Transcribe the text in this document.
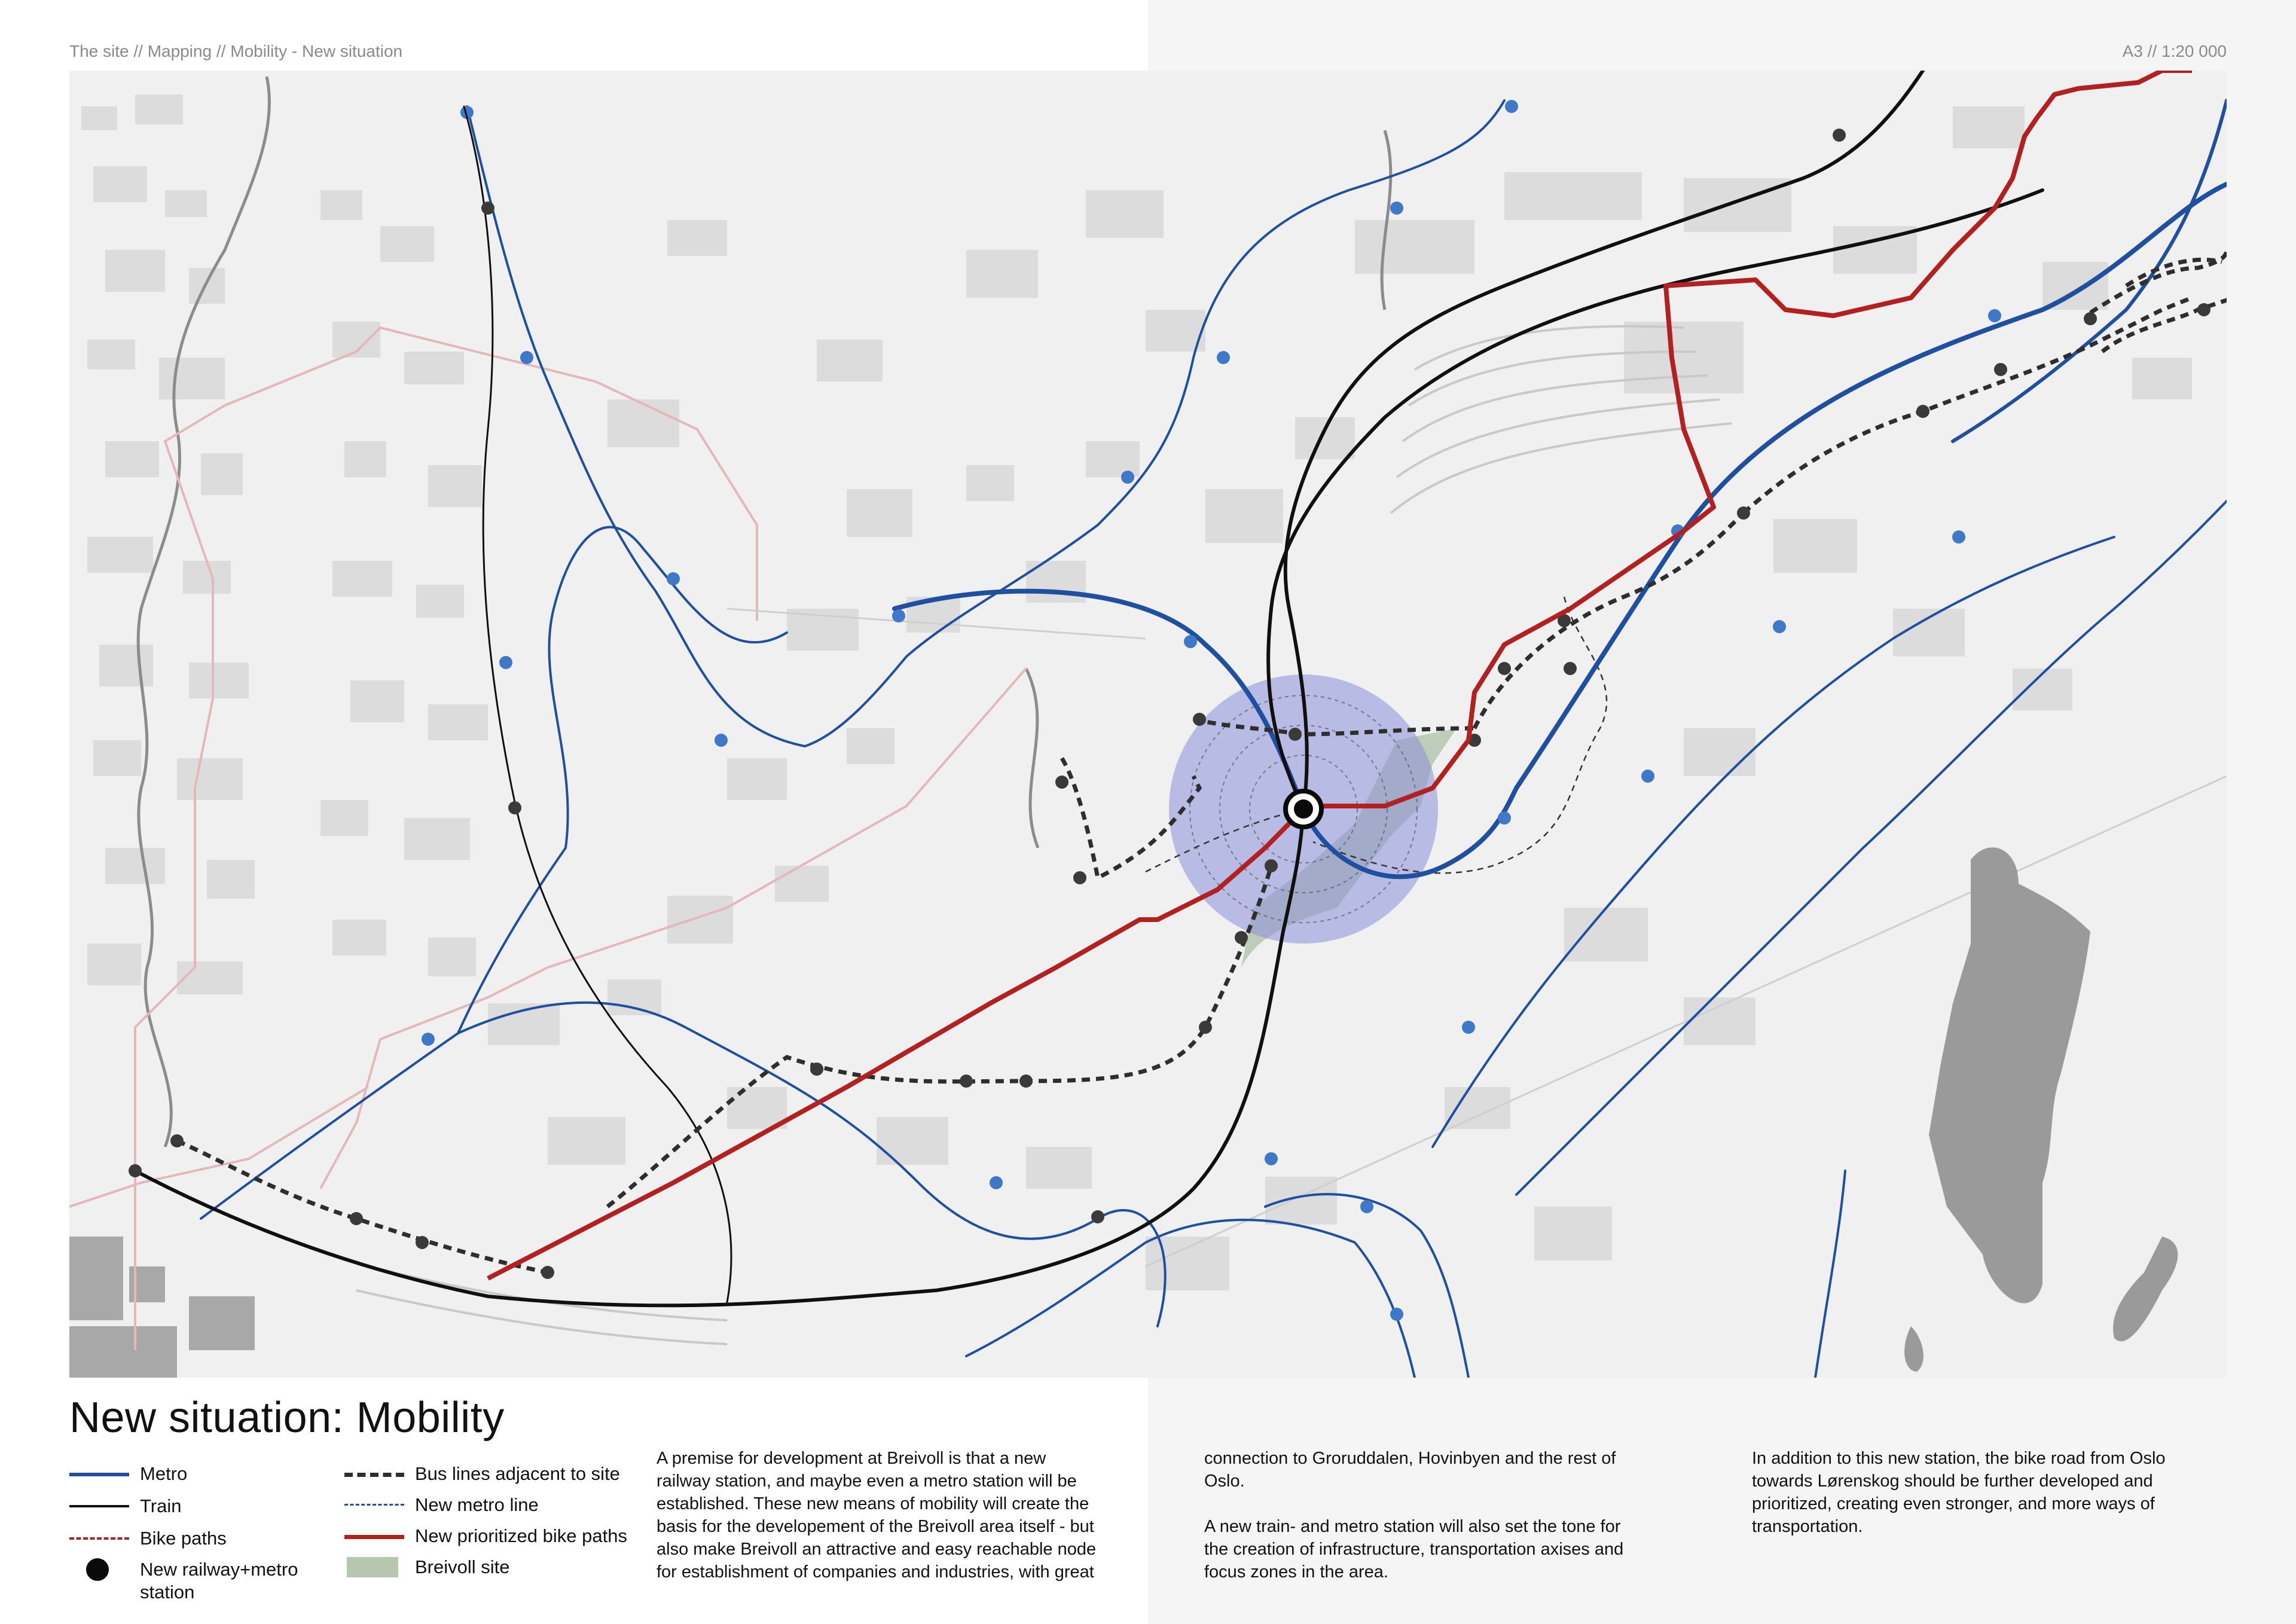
The site // Mapping // Mobility - New situation	A3 // 1:20 000
New situation: Mobility
Metro
Train
Bike paths
New railway+metro
station
Bus lines adjacent to site
New metro line
New prioritized bike paths
Breivoll site
A premise for development at Breivoll is that a new
railway station, and maybe even a metro station will be
established. These new means of mobility will create the
basis for the developement of the Breivoll area itself - but
also make Breivoll an attractive and easy reachable node
for establishment of companies and industries, with great
connection to Groruddalen, Hovinbyen and the rest of
Oslo.

A new train- and metro station will also set the tone for
the creation of infrastructure, transportation axises and
focus zones in the area.
In addition to this new station, the bike road from Oslo
towards Lørenskog should be further developed and
prioritized, creating even stronger, and more ways of
transportation.
